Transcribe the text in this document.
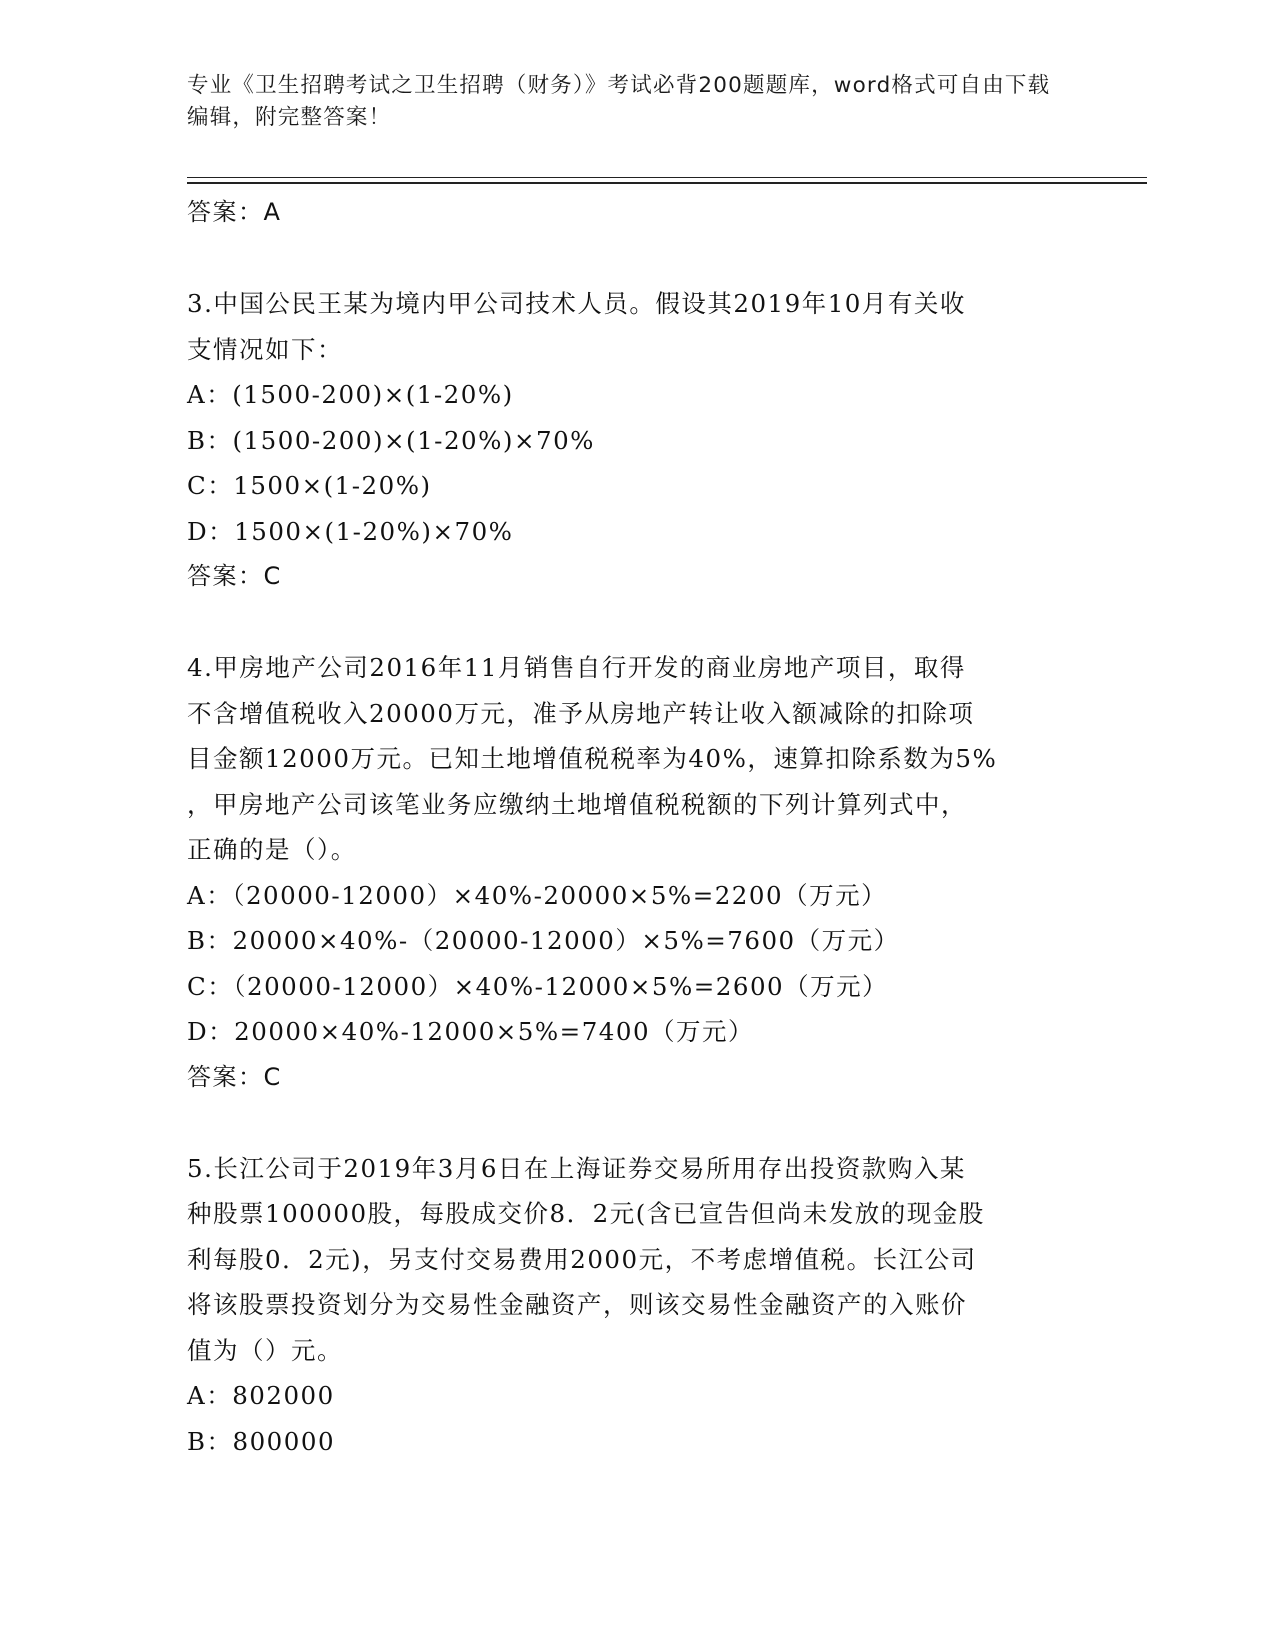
专业《卫生招聘考试之卫生招聘（财务）》考试必背200题题库，word格式可自由下载编辑，附完整答案！
答案：A
3.中国公民王某为境内甲公司技术人员。假设其2019年10月有关收
支情况如下：
A：(1500-200)×(1-20%)
B：(1500-200)×(1-20%)×70%
C：1500×(1-20%)
D：1500×(1-20%)×70%
答案：C
4.甲房地产公司2016年11月销售自行开发的商业房地产项目，取得
不含增值税收入20000万元，准予从房地产转让收入额减除的扣除项
目金额12000万元。已知土地增值税税率为40%，速算扣除系数为5%
，甲房地产公司该笔业务应缴纳土地增值税税额的下列计算列式中，
正确的是（）。
A：（20000-12000）×40%-20000×5%=2200（万元）
B：20000×40%-（20000-12000）×5%=7600（万元）
C：（20000-12000）×40%-12000×5%=2600（万元）
D：20000×40%-12000×5%=7400（万元）
答案：C
5.长江公司于2019年3月6日在上海证券交易所用存出投资款购入某
种股票100000股，每股成交价8．2元(含已宣告但尚未发放的现金股
利每股0．2元)，另支付交易费用2000元，不考虑增值税。长江公司
将该股票投资划分为交易性金融资产，则该交易性金融资产的入账价
值为（）元。
A：802000
B：800000
